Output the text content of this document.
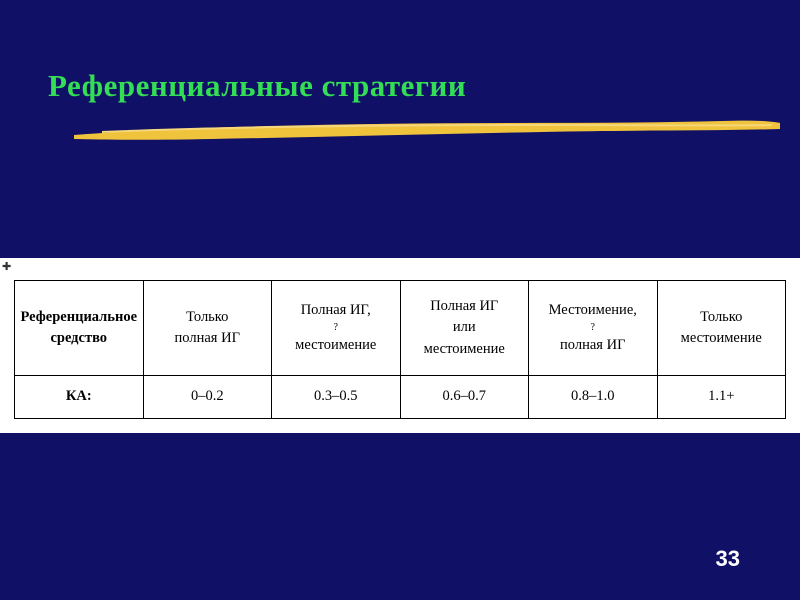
Референциальные стратегии
✚
Референциальное
средство	Только
полная ИГ	Полная ИГ,
?
местоимение	Полная ИГ
или
местоимение	Местоимение,
?
полная ИГ	Только
местоимение

КА:	0–0.2	0.3–0.5	0.6–0.7	0.8–1.0	1.1+
33
